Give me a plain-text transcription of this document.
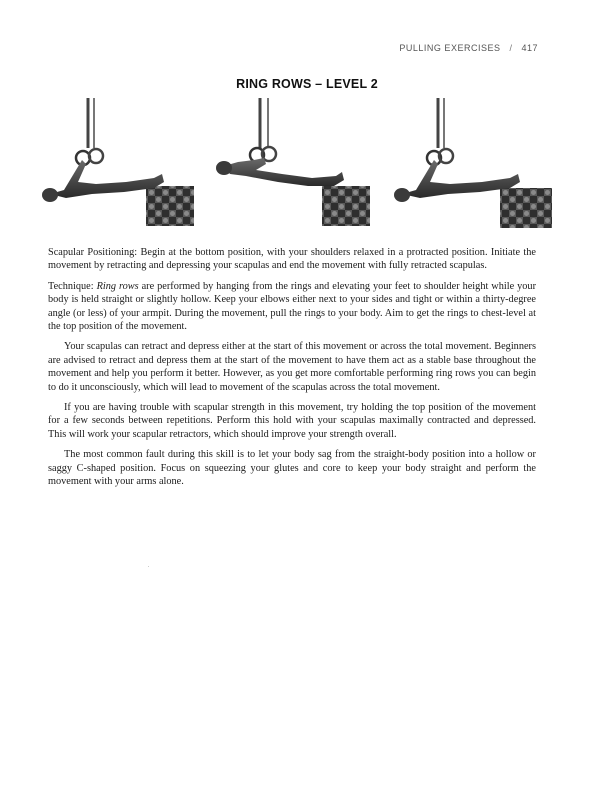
PULLING EXERCISES / 417
RING ROWS – LEVEL 2

Scapular Positioning: Begin at the bottom position, with your shoulders relaxed in a protracted position. Initiate the movement by retracting and depressing your scapulas and end the movement with fully retracted scapulas.

Technique: Ring rows are performed by hanging from the rings and elevating your feet to shoulder height while your body is held straight or slightly hollow. Keep your elbows either next to your sides and tight or within a thirty-degree angle (or less) of your armpit. During the movement, pull the rings to your body. Aim to get the rings to chest-level at the top position of the movement.

Your scapulas can retract and depress either at the start of this movement or across the total movement. Beginners are advised to retract and depress them at the start of the movement to have them act as a stable base throughout the movement and help you perform it better. However, as you get more comfortable performing ring rows you can begin to do it unconsciously, which will lead to movement of the scapulas across the total movement.

If you are having trouble with scapular strength in this movement, try holding the top position of the movement for a few seconds between repetitions. Perform this hold with your scapulas maximally contracted and depressed. This will work your scapular retractors, which should improve your strength overall.

The most common fault during this skill is to let your body sag from the straight-body position into a hollow or saggy C-shaped position. Focus on squeezing your glutes and core to keep your body straight and perform the movement with your arms alone.
